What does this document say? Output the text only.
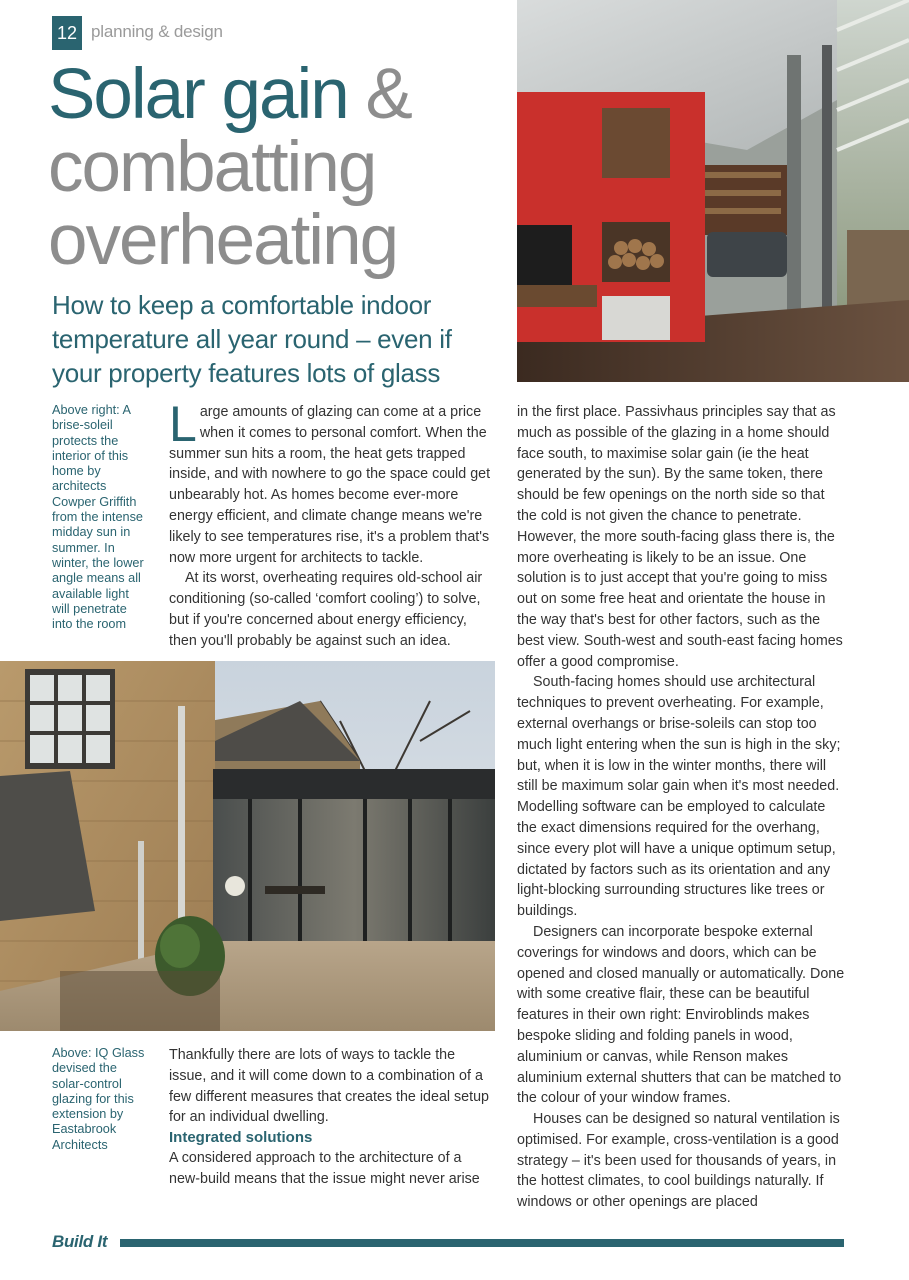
12 planning & design
Solar gain &
combatting
overheating
How to keep a comfortable indoor temperature all year round – even if your property features lots of glass
Above right: A brise-soleil protects the interior of this home by architects Cowper Griffith from the intense midday sun in summer. In winter, the lower angle means all available light will penetrate into the room

Large amounts of glazing can come at a price when it comes to personal comfort. When the summer sun hits a room, the heat gets trapped inside, and with nowhere to go the space could get unbearably hot. As homes become ever-more energy efficient, and climate change means we're likely to see temperatures rise, it's a problem that's now more urgent for architects to tackle.

At its worst, overheating requires old-school air conditioning (so-called ‘comfort cooling’) to solve, but if you're concerned about energy efficiency, then you'll probably be against such an idea.

Above: IQ Glass devised the solar-control glazing for this extension by Eastabrook Architects

Thankfully there are lots of ways to tackle the issue, and it will come down to a combination of a few different measures that creates the ideal setup for an individual dwelling.

Integrated solutions

A considered approach to the architecture of a new-build means that the issue might never arise

in the first place. Passivhaus principles say that as much as possible of the glazing in a home should face south, to maximise solar gain (ie the heat generated by the sun). By the same token, there should be few openings on the north side so that the cold is not given the chance to penetrate. However, the more south-facing glass there is, the more overheating is likely to be an issue. One solution is to just accept that you're going to miss out on some free heat and orientate the house in the way that's best for other factors, such as the best view. South-west and south-east facing homes offer a good compromise.

South-facing homes should use architectural techniques to prevent overheating. For example, external overhangs or brise-soleils can stop too much light entering when the sun is high in the sky; but, when it is low in the winter months, there will still be maximum solar gain when it's most needed. Modelling software can be employed to calculate the exact dimensions required for the overhang, since every plot will have a unique optimum setup, dictated by factors such as its orientation and any light-blocking surrounding structures like trees or buildings.

Designers can incorporate bespoke external coverings for windows and doors, which can be opened and closed manually or automatically. Done with some creative flair, these can be beautiful features in their own right: Enviroblinds makes bespoke sliding and folding panels in wood, aluminium or canvas, while Renson makes aluminium external shutters that can be matched to the colour of your window frames.

Houses can be designed so natural ventilation is optimised. For example, cross-ventilation is a good strategy – it's been used for thousands of years, in the hottest climates, to cool buildings naturally. If windows or other openings are placed

Build It
